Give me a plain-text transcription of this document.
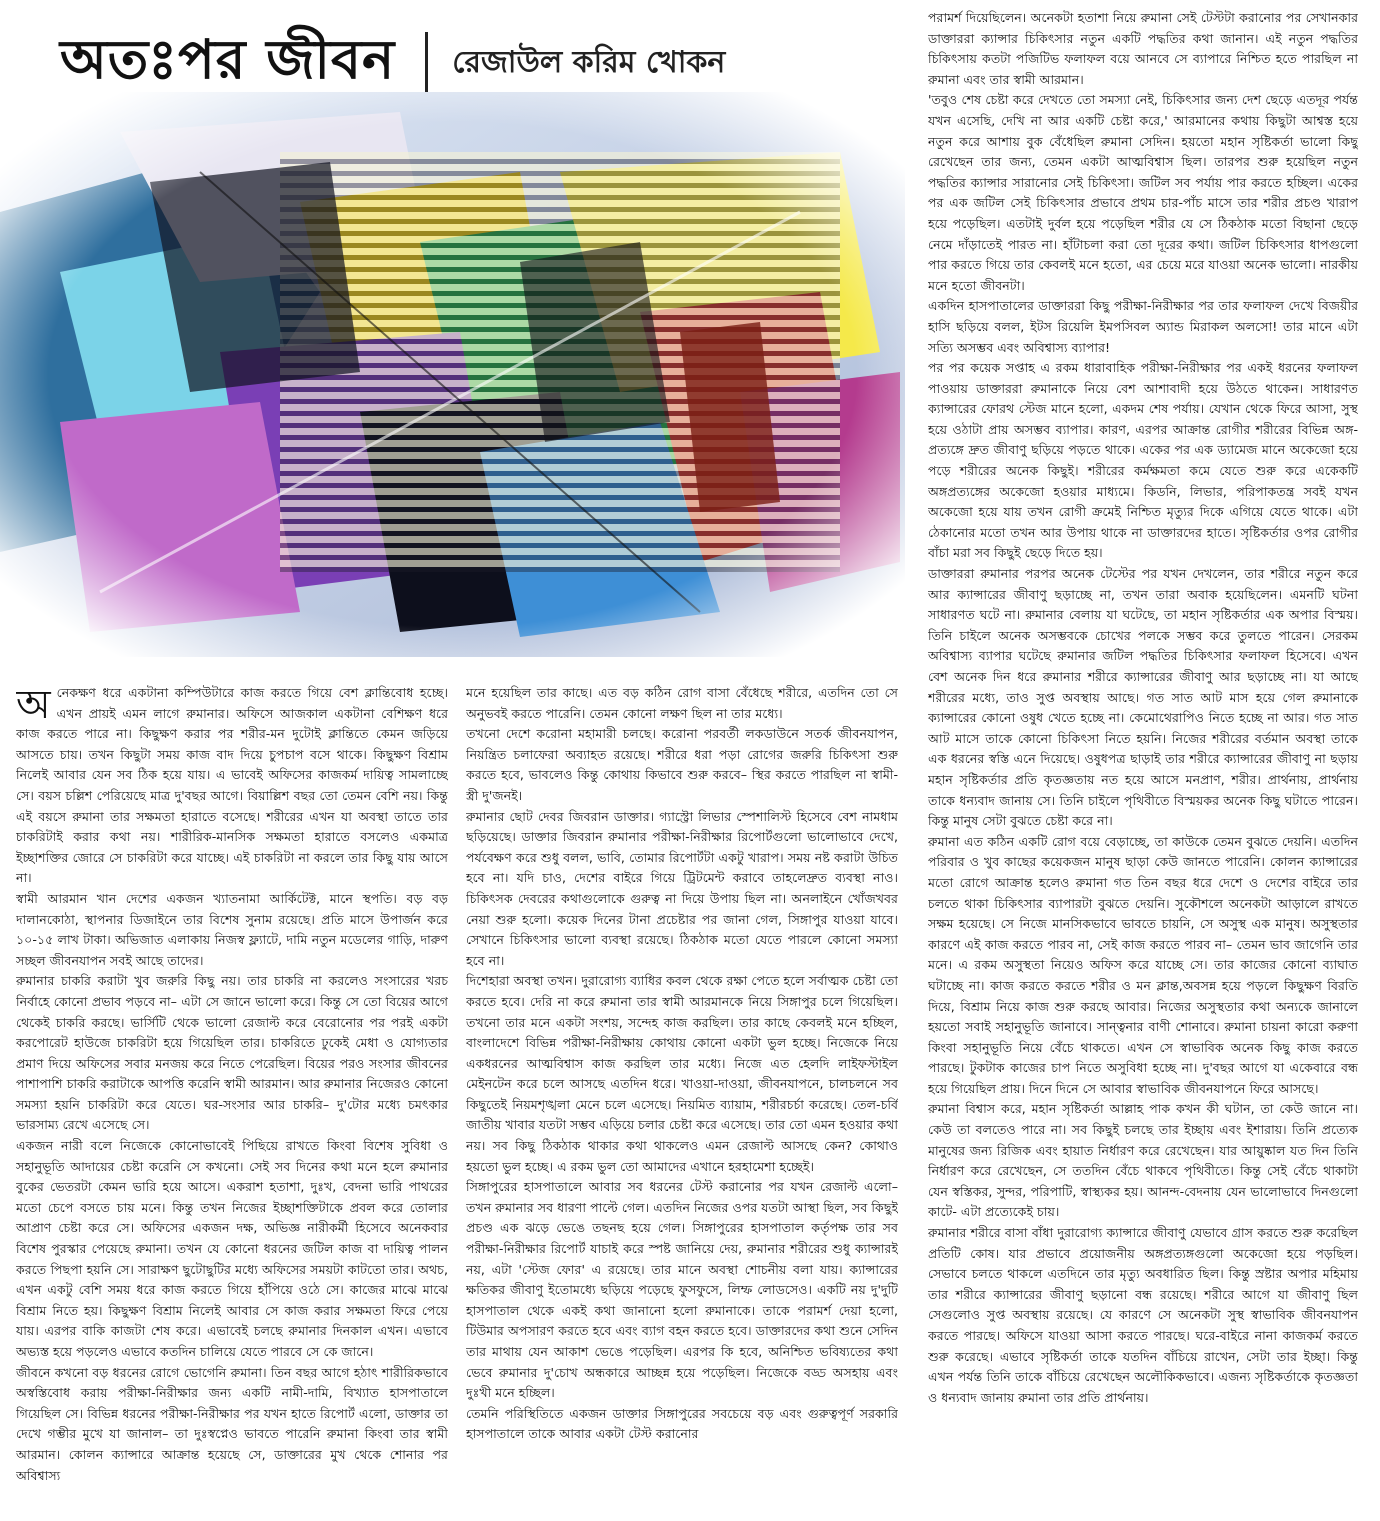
অতঃপর জীবন রেজাউল করিম খোকন

অনেকক্ষণ ধরে একটানা কম্পিউটারে কাজ করতে গিয়ে বেশ ক্লান্তিবোধ হচ্ছে। এখন প্রায়ই এমন লাগে রুমানার। অফিসে আজকাল একটানা বেশিক্ষণ ধরে কাজ করতে পারে না। কিছুক্ষণ করার পর শরীর-মন দুটোই ক্লান্তিতে কেমন জড়িয়ে আসতে চায়। তখন কিছুটা সময় কাজ বাদ দিয়ে চুপচাপ বসে থাকে। কিছুক্ষণ বিশ্রাম নিলেই আবার যেন সব ঠিক হয়ে যায়। এ ভাবেই অফিসের কাজকর্ম দায়িত্ব সামলাচ্ছে সে। বয়স চল্লিশ পেরিয়েছে মাত্র দু'বছর আগে। বিয়াল্লিশ বছর তো তেমন বেশি নয়। কিন্তু এই বয়সে রুমানা তার সক্ষমতা হারাতে বসেছে। শরীরের এখন যা অবস্থা তাতে তার চাকরিটাই করার কথা নয়। শারীরিক-মানসিক সক্ষমতা হারাতে বসলেও একমাত্র ইচ্ছাশক্তির জোরে সে চাকরিটা করে যাচ্ছে। এই চাকরিটা না করলে তার কিছু যায় আসে না।

স্বামী আরমান খান দেশের একজন খ্যাতনামা আর্কিটেক্ট, মানে স্থপতি। বড় বড় দালানকোঠা, স্থাপনার ডিজাইনে তার বিশেষ সুনাম রয়েছে। প্রতি মাসে উপার্জন করে ১০-১৫ লাখ টাকা। অভিজাত এলাকায় নিজস্ব ফ্ল্যাটে, দামি নতুন মডেলের গাড়ি, দারুণ সচ্ছল জীবনযাপন সবই আছে তাদের।

রুমানার চাকরি করাটা খুব জরুরি কিছু নয়। তার চাকরি না করলেও সংসারের খরচ নির্বাহে কোনো প্রভাব পড়বে না– এটা সে জানে ভালো করে। কিন্তু সে তো বিয়ের আগে থেকেই চাকরি করছে। ভার্সিটি থেকে ভালো রেজাল্ট করে বেরোনোর পর পরই একটা করপোরেট হাউজে চাকরিটা হয়ে গিয়েছিল তার। চাকরিতে ঢুকেই মেধা ও যোগ্যতার প্রমাণ দিয়ে অফিসের সবার মনজয় করে নিতে পেরেছিল। বিয়ের পরও সংসার জীবনের পাশাপাশি চাকরি করাটাকে আপত্তি করেনি স্বামী আরমান। আর রুমানার নিজেরও কোনো সমস্যা হয়নি চাকরিটা করে যেতে। ঘর-সংসার আর চাকরি– দু'টোর মধ্যে চমৎকার ভারসাম্য রেখে এসেছে সে।

একজন নারী বলে নিজেকে কোনোভাবেই পিছিয়ে রাখতে কিংবা বিশেষ সুবিধা ও সহানুভূতি আদায়ের চেষ্টা করেনি সে কখনো। সেই সব দিনের কথা মনে হলে রুমানার বুকের ভেতরটা কেমন ভারি হয়ে আসে। একরাশ হতাশা, দুঃখ, বেদনা ভারি পাথরের মতো চেপে বসতে চায় মনে। কিন্তু তখন নিজের ইচ্ছাশক্তিটাকে প্রবল করে তোলার আপ্রাণ চেষ্টা করে সে। অফিসের একজন দক্ষ, অভিজ্ঞ নারীকর্মী হিসেবে অনেকবার বিশেষ পুরস্কার পেয়েছে রুমানা। তখন যে কোনো ধরনের জটিল কাজ বা দায়িত্ব পালন করতে পিছপা হয়নি সে। সারাক্ষণ ছুটোছুটির মধ্যে অফিসের সময়টা কাটতো তার। অথচ, এখন একটু বেশি সময় ধরে কাজ করতে গিয়ে হাঁপিয়ে ওঠে সে। কাজের মাঝে মাঝে বিশ্রাম নিতে হয়। কিছুক্ষণ বিশ্রাম নিলেই আবার সে কাজ করার সক্ষমতা ফিরে পেয়ে যায়। এরপর বাকি কাজটা শেষ করে। এভাবেই চলছে রুমানার দিনকাল এখন। এভাবে অভ্যস্ত হয়ে পড়লেও এভাবে কতদিন চালিয়ে যেতে পারবে সে কে জানে।

জীবনে কখনো বড় ধরনের রোগে ভোগেনি রুমানা। তিন বছর আগে হঠাৎ শারীরিকভাবে অস্বস্তিবোধ করায় পরীক্ষা-নিরীক্ষার জন্য একটি নামী-দামি, বিখ্যাত হাসপাতালে গিয়েছিল সে। বিভিন্ন ধরনের পরীক্ষা-নিরীক্ষার পর যখন হাতে রিপোর্ট এলো, ডাক্তার তা দেখে গম্ভীর মুখে যা জানাল– তা দুঃস্বপ্নেও ভাবতে পারেনি রুমানা কিংবা তার স্বামী আরমান। কোলন ক্যান্সারে আক্রান্ত হয়েছে সে, ডাক্তারের মুখ থেকে শোনার পর অবিশ্বাস্য

মনে হয়েছিল তার কাছে। এত বড় কঠিন রোগ বাসা বেঁধেছে শরীরে, এতদিন তো সে অনুভবই করতে পারেনি। তেমন কোনো লক্ষণ ছিল না তার মধ্যে।

তখনো দেশে করোনা মহামারী চলছে। করোনা পরবর্তী লকডাউনে সতর্ক জীবনযাপন, নিয়ন্ত্রিত চলাফেরা অব্যাহত রয়েছে। শরীরে ধরা পড়া রোগের জরুরি চিকিৎসা শুরু করতে হবে, ভাবলেও কিন্তু কোথায় কিভাবে শুরু করবে– স্থির করতে পারছিল না স্বামী-স্ত্রী দু'জনই।

রুমানার ছোট দেবর জিবরান ডাক্তার। গ্যাস্ট্রো লিভার স্পেশালিস্ট হিসেবে বেশ নামধাম ছড়িয়েছে। ডাক্তার জিবরান রুমানার পরীক্ষা-নিরীক্ষার রিপোর্টগুলো ভালোভাবে দেখে, পর্যবেক্ষণ করে শুধু বলল, ভাবি, তোমার রিপোর্টটা একটু খারাপ। সময় নষ্ট করাটা উচিত হবে না। যদি চাও, দেশের বাইরে গিয়ে ট্রিটমেন্ট করাবে তাহলেদ্রুত ব্যবস্থা নাও। চিকিৎসক দেবরের কথাগুলোকে গুরুত্ব না দিয়ে উপায় ছিল না। অনলাইনে খোঁজখবর নেয়া শুরু হলো। কয়েক দিনের টানা প্রচেষ্টার পর জানা গেল, সিঙ্গাপুর যাওয়া যাবে। সেখানে চিকিৎসার ভালো ব্যবস্থা রয়েছে। ঠিকঠাক মতো যেতে পারলে কোনো সমস্যা হবে না।

দিশেহারা অবস্থা তখন। দুরারোগ্য ব্যাধির কবল থেকে রক্ষা পেতে হলে সর্বাত্মক চেষ্টা তো করতে হবে। দেরি না করে রুমানা তার স্বামী আরমানকে নিয়ে সিঙ্গাপুর চলে গিয়েছিল। তখনো তার মনে একটা সংশয়, সন্দেহ কাজ করছিল। তার কাছে কেবলই মনে হচ্ছিল, বাংলাদেশে বিভিন্ন পরীক্ষা-নিরীক্ষায় কোথায় কোনো একটা ভুল হচ্ছে। নিজেকে নিয়ে একধরনের আত্মবিশ্বাস কাজ করছিল তার মধ্যে। নিজে এত হেলদি লাইফস্টাইল মেইনটেন করে চলে আসছে এতদিন ধরে। খাওয়া-দাওয়া, জীবনযাপনে, চালচলনে সব কিছুতেই নিয়মশৃঙ্খলা মেনে চলে এসেছে। নিয়মিত ব্যায়াম, শরীরচর্চা করেছে। তেল-চর্বি জাতীয় খাবার যতটা সম্ভব এড়িয়ে চলার চেষ্টা করে এসেছে। তার তো এমন হওয়ার কথা নয়। সব কিছু ঠিকঠাক থাকার কথা থাকলেও এমন রেজাল্ট আসছে কেন? কোথাও হয়তো ভুল হচ্ছে। এ রকম ভুল তো আমাদের এখানে হরহামেশা হচ্ছেই।

সিঙ্গাপুরের হাসপাতালে আবার সব ধরনের টেস্ট করানোর পর যখন রেজাল্ট এলো– তখন রুমানার সব ধারণা পাল্টে গেল। এতদিন নিজের ওপর যতটা আস্থা ছিল, সব কিছুই প্রচণ্ড এক ঝড়ে ভেঙে তছনছ হয়ে গেল। সিঙ্গাপুরের হাসপাতাল কর্তৃপক্ষ তার সব পরীক্ষা-নিরীক্ষার রিপোর্ট যাচাই করে স্পষ্ট জানিয়ে দেয়, রুমানার শরীরের শুধু ক্যান্সারই নয়, এটা 'স্টেজ ফোর' এ রয়েছে। তার মানে অবস্থা শোচনীয় বলা যায়। ক্যান্সারের ক্ষতিকর জীবাণু ইতোমধ্যে ছড়িয়ে পড়েছে ফুসফুসে, লিম্ফ লোডসেও। একটি নয় দু'দুটি হাসপাতাল থেকে একই কথা জানানো হলো রুমানাকে। তাকে পরামর্শ দেয়া হলো, টিউমার অপসারণ করতে হবে এবং ব্যাগ বহন করতে হবে। ডাক্তারদের কথা শুনে সেদিন তার মাথায় যেন আকাশ ভেঙে পড়েছিল। এরপর কি হবে, অনিশ্চিত ভবিষ্যতের কথা ভেবে রুমানার দু'চোখ অন্ধকারে আচ্ছন্ন হয়ে পড়েছিল। নিজেকে বড্ড অসহায় এবং দুঃখী মনে হচ্ছিল।

তেমনি পরিস্থিতিতে একজন ডাক্তার সিঙ্গাপুরের সবচেয়ে বড় এবং গুরুত্বপূর্ণ সরকারি হাসপাতালে তাকে আবার একটা টেস্ট করানোর

পরামর্শ দিয়েছিলেন। অনেকটা হতাশা নিয়ে রুমানা সেই টেস্টটা করানোর পর সেখানকার ডাক্তাররা ক্যান্সার চিকিৎসার নতুন একটি পদ্ধতির কথা জানান। এই নতুন পদ্ধতির চিকিৎসায় কতটা পজিটিভ ফলাফল বয়ে আনবে সে ব্যাপারে নিশ্চিত হতে পারছিল না রুমানা এবং তার স্বামী আরমান।

'তবুও শেষ চেষ্টা করে দেখতে তো সমস্যা নেই, চিকিৎসার জন্য দেশ ছেড়ে এতদূর পর্যন্ত যখন এসেছি, দেখি না আর একটি চেষ্টা করে,' আরমানের কথায় কিছুটা আশ্বস্ত হয়ে নতুন করে আশায় বুক বেঁধেছিল রুমানা সেদিন। হয়তো মহান সৃষ্টিকর্তা ভালো কিছু রেখেছেন তার জন্য, তেমন একটা আত্মবিশ্বাস ছিল। তারপর শুরু হয়েছিল নতুন পদ্ধতির ক্যান্সার সারানোর সেই চিকিৎসা। জটিল সব পর্যায় পার করতে হচ্ছিল। একের পর এক জটিল সেই চিকিৎসার প্রভাবে প্রথম চার-পাঁচ মাসে তার শরীর প্রচণ্ড খারাপ হয়ে পড়েছিল। এতটাই দুর্বল হয়ে পড়েছিল শরীর যে সে ঠিকঠাক মতো বিছানা ছেড়ে নেমে দাঁড়াতেই পারত না। হাঁটাচলা করা তো দূরের কথা। জটিল চিকিৎসার ধাপগুলো পার করতে গিয়ে তার কেবলই মনে হতো, এর চেয়ে মরে যাওয়া অনেক ভালো। নারকীয় মনে হতো জীবনটা।

একদিন হাসপাতালের ডাক্তাররা কিছু পরীক্ষা-নিরীক্ষার পর তার ফলাফল দেখে বিজয়ীর হাসি ছড়িয়ে বলল, ইটস রিয়েলি ইমপসিবল অ্যান্ড মিরাকল অলসো! তার মানে এটা সত্যি অসম্ভব এবং অবিশ্বাস্য ব্যাপার!

পর পর কয়েক সপ্তাহ এ রকম ধারাবাহিক পরীক্ষা-নিরীক্ষার পর একই ধরনের ফলাফল পাওয়ায় ডাক্তাররা রুমানাকে নিয়ে বেশ আশাবাদী হয়ে উঠতে থাকেন। সাধারণত ক্যান্সারের ফোরথ স্টেজ মানে হলো, একদম শেষ পর্যায়। যেখান থেকে ফিরে আসা, সুস্থ হয়ে ওঠাটা প্রায় অসম্ভব ব্যাপার। কারণ, এরপর আক্রান্ত রোগীর শরীরের বিভিন্ন অঙ্গ-প্রত্যঙ্গে দ্রুত জীবাণু ছড়িয়ে পড়তে থাকে। একের পর এক ড্যামেজ মানে অকেজো হয়ে পড়ে শরীরের অনেক কিছুই। শরীরের কর্মক্ষমতা কমে যেতে শুরু করে একেকটি অঙ্গপ্রত্যঙ্গের অকেজো হওয়ার মাধ্যমে। কিডনি, লিভার, পরিপাকতন্ত্র সবই যখন অকেজো হয়ে যায় তখন রোগী ক্রমেই নিশ্চিত মৃত্যুর দিকে এগিয়ে যেতে থাকে। এটা ঠেকানোর মতো তখন আর উপায় থাকে না ডাক্তারদের হাতে। সৃষ্টিকর্তার ওপর রোগীর বাঁচা মরা সব কিছুই ছেড়ে দিতে হয়।

ডাক্তাররা রুমানার পরপর অনেক টেস্টের পর যখন দেখলেন, তার শরীরে নতুন করে আর ক্যান্সারের জীবাণু ছড়াচ্ছে না, তখন তারা অবাক হয়েছিলেন। এমনটি ঘটনা সাধারণত ঘটে না। রুমানার বেলায় যা ঘটেছে, তা মহান সৃষ্টিকর্তার এক অপার বিস্ময়। তিনি চাইলে অনেক অসম্ভবকে চোখের পলকে সম্ভব করে তুলতে পারেন। সেরকম অবিশ্বাস্য ব্যাপার ঘটেছে রুমানার জটিল পদ্ধতির চিকিৎসার ফলাফল হিসেবে। এখন বেশ অনেক দিন ধরে রুমানার শরীরে ক্যান্সারের জীবাণু আর ছড়াচ্ছে না। যা আছে শরীরের মধ্যে, তাও সুপ্ত অবস্থায় আছে। গত সাত আট মাস হয়ে গেল রুমানাকে ক্যান্সারের কোনো ওষুধ খেতে হচ্ছে না। কেমোথেরাপিও নিতে হচ্ছে না আর। গত সাত আট মাসে তাকে কোনো চিকিৎসা নিতে হয়নি। নিজের শরীরের বর্তমান অবস্থা তাকে এক ধরনের স্বস্তি এনে দিয়েছে। ওষুধপত্র ছাড়াই তার শরীরে ক্যান্সারের জীবাণু না ছড়ায় মহান সৃষ্টিকর্তার প্রতি কৃতজ্ঞতায় নত হয়ে আসে মনপ্রাণ, শরীর। প্রার্থনায়, প্রার্থনায় তাকে ধন্যবাদ জানায় সে। তিনি চাইলে পৃথিবীতে বিস্ময়কর অনেক কিছু ঘটাতে পারেন। কিন্তু মানুষ সেটা বুঝতে চেষ্টা করে না।

রুমানা এত কঠিন একটি রোগ বয়ে বেড়াচ্ছে, তা কাউকে তেমন বুঝতে দেয়নি। এতদিন পরিবার ও খুব কাছের কয়েকজন মানুষ ছাড়া কেউ জানতে পারেনি। কোলন ক্যান্সারের মতো রোগে আক্রান্ত হলেও রুমানা গত তিন বছর ধরে দেশে ও দেশের বাইরে তার চলতে থাকা চিকিৎসার ব্যাপারটা বুঝতে দেয়নি। সুকৌশলে অনেকটা আড়ালে রাখতে সক্ষম হয়েছে। সে নিজে মানসিকভাবে ভাবতে চায়নি, সে অসুস্থ এক মানুষ। অসুস্থতার কারণে এই কাজ করতে পারব না, সেই কাজ করতে পারব না– তেমন ভাব জাগেনি তার মনে। এ রকম অসুস্থতা নিয়েও অফিস করে যাচ্ছে সে। তার কাজের কোনো ব্যাঘাত ঘটাচ্ছে না। কাজ করতে করতে শরীর ও মন ক্লান্ত,অবসন্ন হয়ে পড়লে কিছুক্ষণ বিরতি দিয়ে, বিশ্রাম নিয়ে কাজ শুরু করছে আবার। নিজের অসুস্থতার কথা অন্যকে জানালে হয়তো সবাই সহানুভূতি জানাবে। সান্ত্বনার বাণী শোনাবে। রুমানা চায়না কারো করুণা কিংবা সহানুভূতি নিয়ে বেঁচে থাকতে। এখন সে স্বাভাবিক অনেক কিছু কাজ করতে পারছে। টুকটাক কাজের চাপ নিতে অসুবিধা হচ্ছে না। দু'বছর আগে যা একেবারে বন্ধ হয়ে গিয়েছিল প্রায়। দিনে দিনে সে আবার স্বাভাবিক জীবনযাপনে ফিরে আসছে।

রুমানা বিশ্বাস করে, মহান সৃষ্টিকর্তা আল্লাহ পাক কখন কী ঘটান, তা কেউ জানে না। কেউ তা বলতেও পারে না। সব কিছুই চলছে তার ইচ্ছায় এবং ইশারায়। তিনি প্রত্যেক মানুষের জন্য রিজিক এবং হায়াত নির্ধারণ করে রেখেছেন। যার আয়ুষ্কাল যত দিন তিনি নির্ধারণ করে রেখেছেন, সে ততদিন বেঁচে থাকবে পৃথিবীতে। কিন্তু সেই বেঁচে থাকাটা যেন স্বস্তিকর, সুন্দর, পরিপাটি, স্বাস্থ্যকর হয়। আনন্দ-বেদনায় যেন ভালোভাবে দিনগুলো কাটে- এটা প্রত্যেকেই চায়।

রুমানার শরীরে বাসা বাঁধা দুরারোগ্য ক্যান্সারে জীবাণু যেভাবে গ্রাস করতে শুরু করেছিল প্রতিটি কোষ। যার প্রভাবে প্রয়োজনীয় অঙ্গপ্রত্যঙ্গগুলো অকেজো হয়ে পড়ছিল। সেভাবে চলতে থাকলে এতদিনে তার মৃত্যু অবধারিত ছিল। কিন্তু স্রষ্টার অপার মহিমায় তার শরীরে ক্যান্সারের জীবাণু ছড়ানো বন্ধ রয়েছে। শরীরে আগে যা জীবাণু ছিল সেগুলোও সুপ্ত অবস্থায় রয়েছে। যে কারণে সে অনেকটা সুস্থ স্বাভাবিক জীবনযাপন করতে পারছে। অফিসে যাওয়া আসা করতে পারছে। ঘরে-বাইরে নানা কাজকর্ম করতে শুরু করেছে। এভাবে সৃষ্টিকর্তা তাকে যতদিন বাঁচিয়ে রাখেন, সেটা তার ইচ্ছা। কিন্তু এখন পর্যন্ত তিনি তাকে বাঁচিয়ে রেখেছেন অলৌকিকভাবে। এজন্য সৃষ্টিকর্তাকে কৃতজ্ঞতা ও ধন্যবাদ জানায় রুমানা তার প্রতি প্রার্থনায়।
